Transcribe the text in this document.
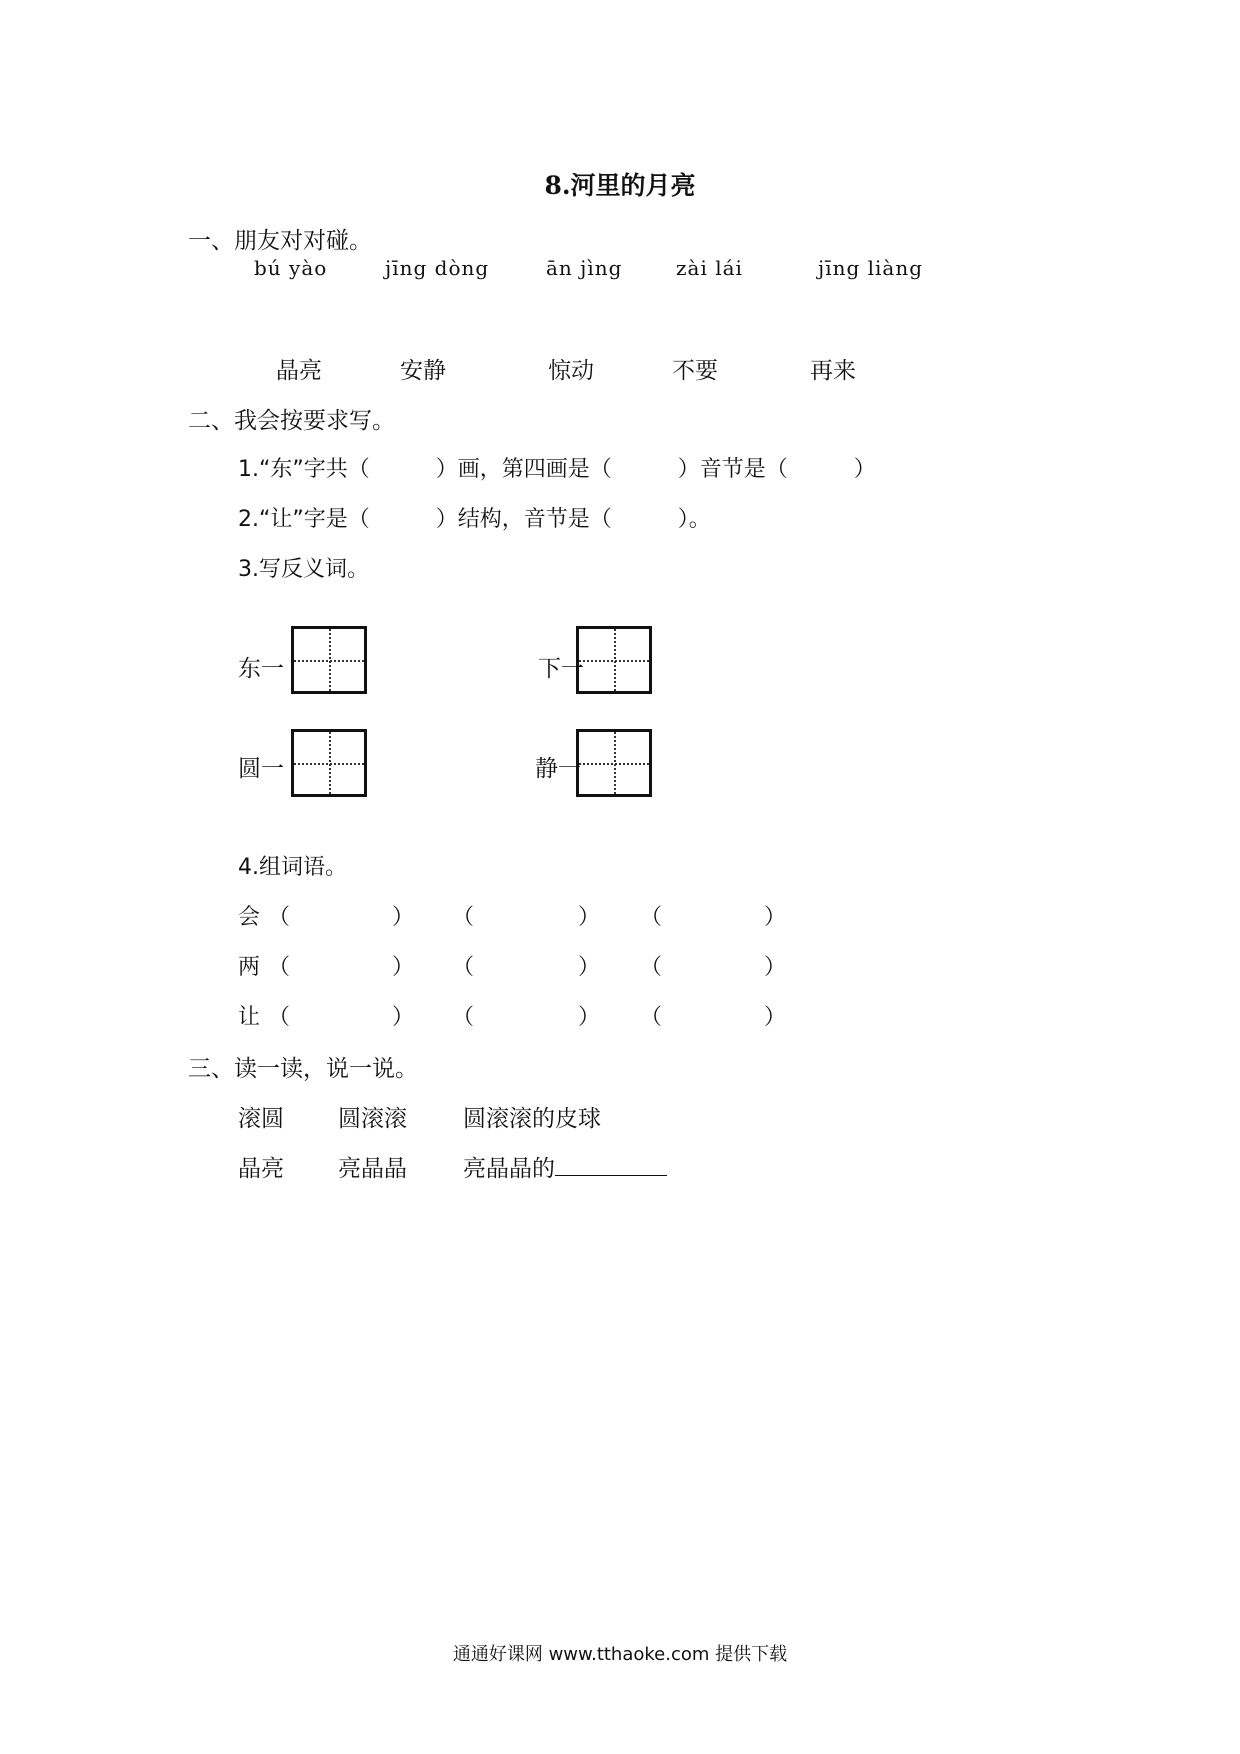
8.河里的月亮
一、朋友对对碰。
bú yào	jīng dòng	ān jìng	zài lái	jīng liàng
晶亮	安静	惊动	不要	再来
二、我会按要求写。
1.“东”字共（　　　）画，第四画是（　　　）音节是（　　　）
2.“让”字是（　　　）结构，音节是（　　　）。
3.写反义词。
东一	下一
圆一	静一
4.组词语。
会 （	） （	） （	）
两 （	） （	） （	）
让 （	） （	） （	）
三、读一读，说一说。
滚圆 圆滚滚 圆滚滚的皮球
晶亮 亮晶晶 亮晶晶的
通通好课网 www.tthaoke.com 提供下载
